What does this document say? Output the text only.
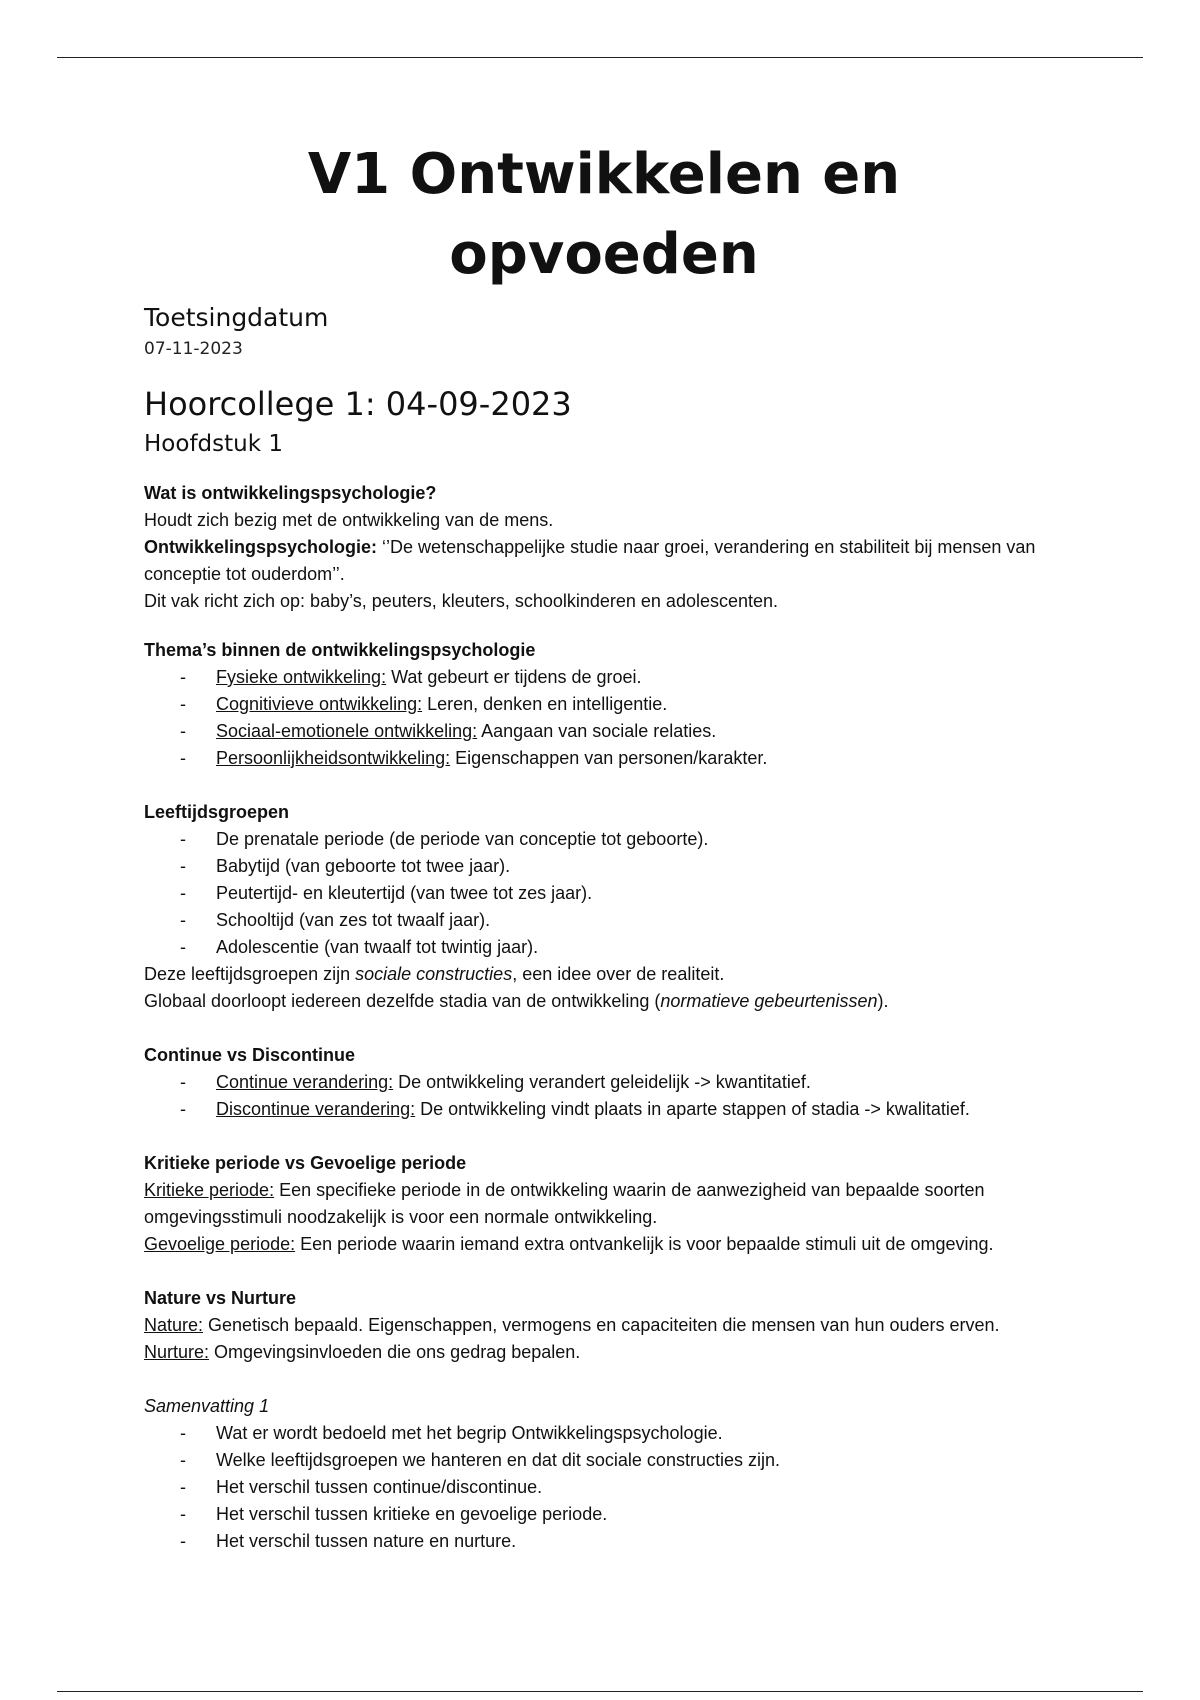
V1 Ontwikkelen en opvoeden
Toetsingdatum
07-11-2023
Hoorcollege 1: 04-09-2023
Hoofdstuk 1
Wat is ontwikkelingspsychologie?

Houdt zich bezig met de ontwikkeling van de mens.

Ontwikkelingspsychologie: ‘’De wetenschappelijke studie naar groei, verandering en stabiliteit bij mensen van conceptie tot ouderdom’’.

Dit vak richt zich op: baby’s, peuters, kleuters, schoolkinderen en adolescenten.

Thema’s binnen de ontwikkelingspsychologie
- Fysieke ontwikkeling: Wat gebeurt er tijdens de groei.
- Cognitivieve ontwikkeling: Leren, denken en intelligentie.
- Sociaal-emotionele ontwikkeling: Aangaan van sociale relaties.
- Persoonlijkheidsontwikkeling: Eigenschappen van personen/karakter.
Leeftijdsgroepen
- De prenatale periode (de periode van conceptie tot geboorte).
- Babytijd (van geboorte tot twee jaar).
- Peutertijd- en kleutertijd (van twee tot zes jaar).
- Schooltijd (van zes tot twaalf jaar).
- Adolescentie (van twaalf tot twintig jaar).

Deze leeftijdsgroepen zijn sociale constructies, een idee over de realiteit.

Globaal doorloopt iedereen dezelfde stadia van de ontwikkeling (normatieve gebeurtenissen).

Continue vs Discontinue
- Continue verandering: De ontwikkeling verandert geleidelijk -> kwantitatief.
- Discontinue verandering: De ontwikkeling vindt plaats in aparte stappen of stadia -> kwalitatief.
Kritieke periode vs Gevoelige periode

Kritieke periode: Een specifieke periode in de ontwikkeling waarin de aanwezigheid van bepaalde soorten omgevingsstimuli noodzakelijk is voor een normale ontwikkeling.

Gevoelige periode: Een periode waarin iemand extra ontvankelijk is voor bepaalde stimuli uit de omgeving.

Nature vs Nurture

Nature: Genetisch bepaald. Eigenschappen, vermogens en capaciteiten die mensen van hun ouders erven.

Nurture: Omgevingsinvloeden die ons gedrag bepalen.

Samenvatting 1
- Wat er wordt bedoeld met het begrip Ontwikkelingspsychologie.
- Welke leeftijdsgroepen we hanteren en dat dit sociale constructies zijn.
- Het verschil tussen continue/discontinue.
- Het verschil tussen kritieke en gevoelige periode.
- Het verschil tussen nature en nurture.
